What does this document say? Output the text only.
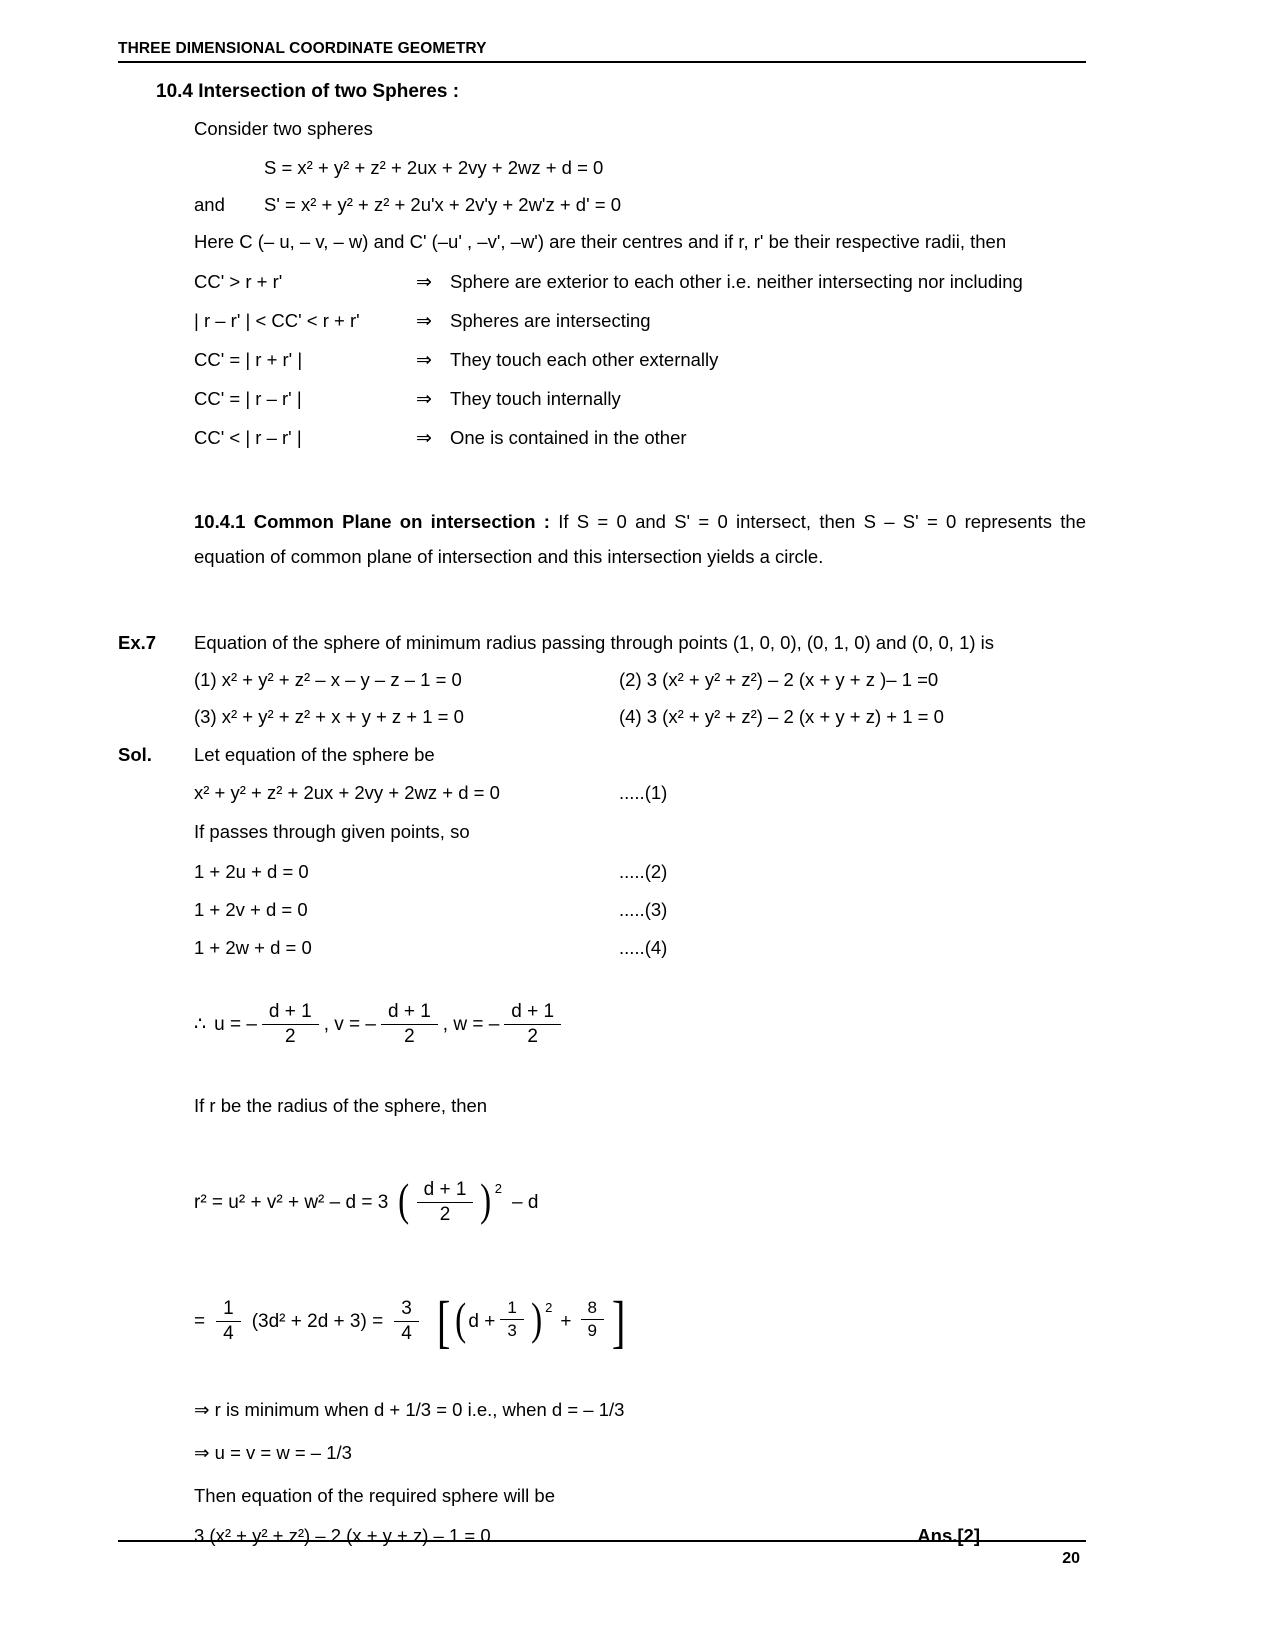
THREE DIMENSIONAL COORDINATE GEOMETRY
10.4 Intersection of two Spheres :
Consider two spheres
S = x² + y² + z² + 2ux + 2vy + 2wz + d = 0
and	S' = x² + y² + z² + 2u'x + 2v'y + 2w'z + d' = 0
Here C (– u, – v, – w) and C' (–u' , –v', –w') are their centres and if r, r' be their respective radii, then
CC' > r + r'	⇒ Sphere are exterior to each other i.e. neither intersecting nor including
| r – r' | < CC' < r + r'	⇒ Spheres are intersecting
CC' = | r + r' |	⇒ They touch each other externally
CC' = | r – r' |	⇒ They touch internally
CC' < | r – r' |	⇒ One is contained in the other
10.4.1 Common Plane on intersection : If S = 0 and S' = 0 intersect, then S – S' = 0 represents the equation of common plane of intersection and this intersection yields a circle.
Ex.7	Equation of the sphere of minimum radius passing through points (1, 0, 0), (0, 1, 0) and (0, 0, 1) is
(1) x² + y² + z² – x – y – z – 1 = 0	(2) 3 (x² + y² + z²) – 2 (x + y + z )– 1 =0
(3) x² + y² + z² + x + y + z + 1 = 0	(4) 3 (x² + y² + z²) – 2 (x + y + z) + 1 = 0
Sol.	Let equation of the sphere be
x² + y² + z² + 2ux + 2vy + 2wz + d = 0	.....(1)
If passes through given points, so
1 + 2u + d = 0	.....(2)
1 + 2v + d = 0	.....(3)
1 + 2w + d = 0	.....(4)
∴ u = – $\frac{d + 1}{2}$ , v = – $\frac{d + 1}{2}$ , w = – $\frac{d + 1}{2}$
If r be the radius of the sphere, then
r² = u² + v² + w² – d = 3 ( $\frac{d + 1}{2}$ ) 2
– d
= $\frac{1}{4} (3d^2 + 2d + 3) = \frac{3}{4}$ [ ( $d + \frac{1}{3}$ ) 2
+ $\frac{8}{9}$ ]
⇒ r is minimum when d + 1/3 = 0 i.e., when d = – 1/3
⇒ u = v = w = – 1/3
Then equation of the required sphere will be
3 (x² + y² + z²) – 2 (x + y + z) – 1 = 0	Ans.[2]
20
